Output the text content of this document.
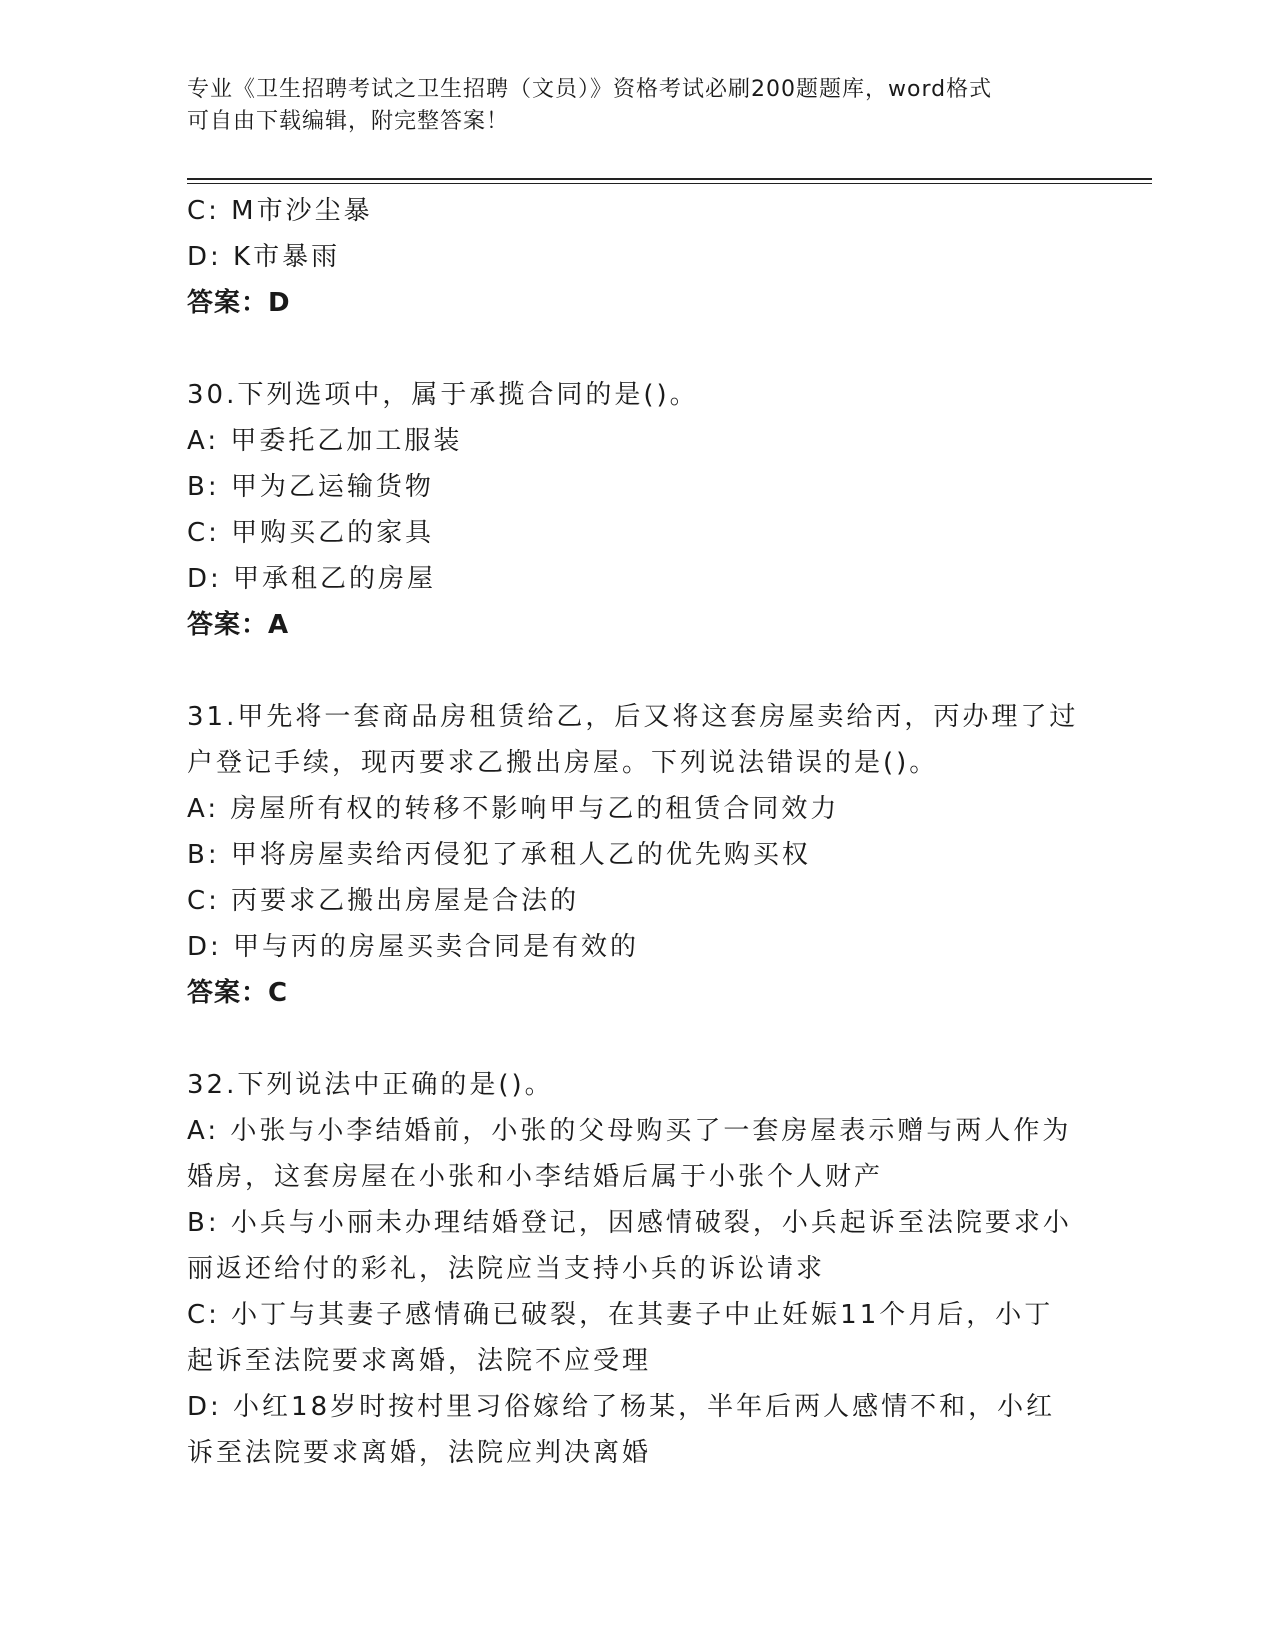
专业《卫生招聘考试之卫生招聘（文员）》资格考试必刷200题题库，word格式
可自由下载编辑，附完整答案！
C: M市沙尘暴
D: K市暴雨
答案：D
30.下列选项中，属于承揽合同的是()。
A: 甲委托乙加工服装
B: 甲为乙运输货物
C: 甲购买乙的家具
D: 甲承租乙的房屋
答案：A
31.甲先将一套商品房租赁给乙，后又将这套房屋卖给丙，丙办理了过
户登记手续，现丙要求乙搬出房屋。下列说法错误的是()。
A: 房屋所有权的转移不影响甲与乙的租赁合同效力
B: 甲将房屋卖给丙侵犯了承租人乙的优先购买权
C: 丙要求乙搬出房屋是合法的
D: 甲与丙的房屋买卖合同是有效的
答案：C
32.下列说法中正确的是()。
A: 小张与小李结婚前，小张的父母购买了一套房屋表示赠与两人作为
婚房，这套房屋在小张和小李结婚后属于小张个人财产
B: 小兵与小丽未办理结婚登记，因感情破裂，小兵起诉至法院要求小
丽返还给付的彩礼，法院应当支持小兵的诉讼请求
C: 小丁与其妻子感情确已破裂，在其妻子中止妊娠11个月后，小丁
起诉至法院要求离婚，法院不应受理
D: 小红18岁时按村里习俗嫁给了杨某，半年后两人感情不和，小红
诉至法院要求离婚，法院应判决离婚
